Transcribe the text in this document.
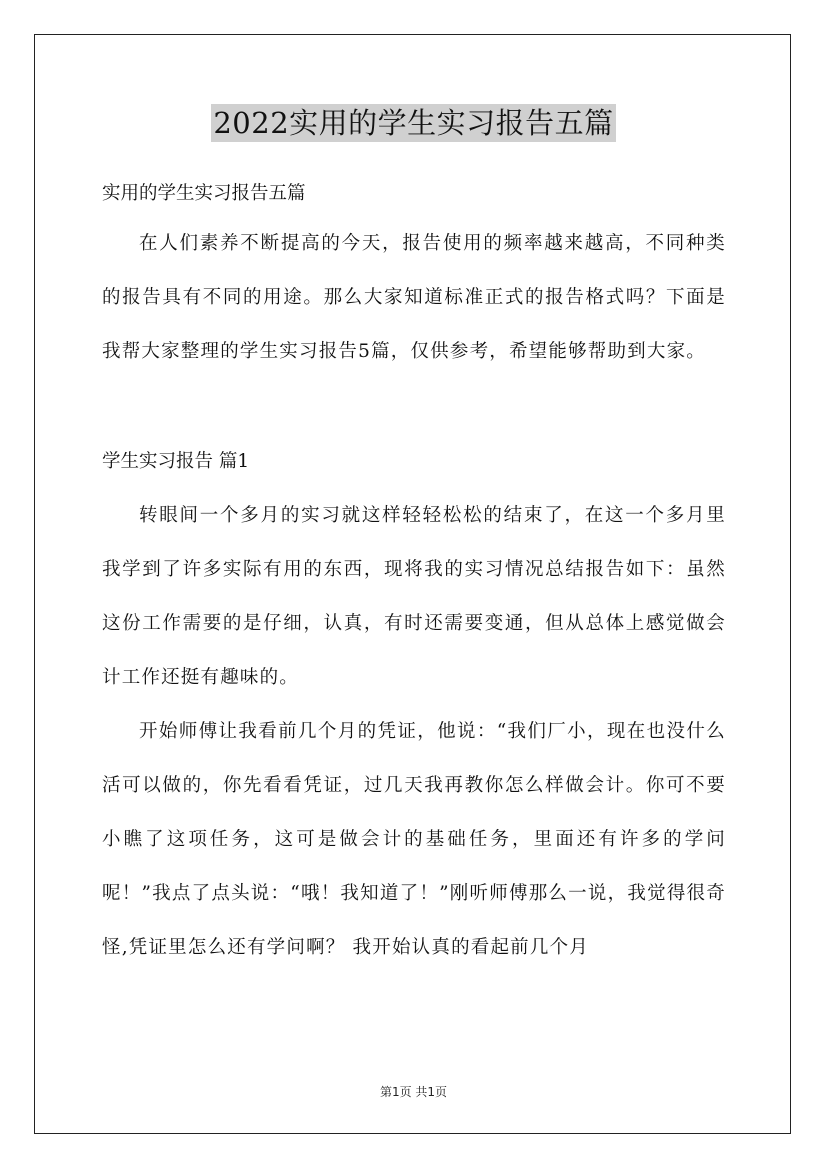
2022实用的学生实习报告五篇

实用的学生实习报告五篇

在人们素养不断提高的今天，报告使用的频率越来越高，不同种类的报告具有不同的用途。那么大家知道标准正式的报告格式吗？下面是我帮大家整理的学生实习报告5篇，仅供参考，希望能够帮助到大家。

学生实习报告 篇1

转眼间一个多月的实习就这样轻轻松松的结束了，在这一个多月里我学到了许多实际有用的东西，现将我的实习情况总结报告如下：虽然这份工作需要的是仔细，认真，有时还需要变通，但从总体上感觉做会计工作还挺有趣味的。

开始师傅让我看前几个月的凭证，他说：“我们厂小，现在也没什么活可以做的，你先看看凭证，过几天我再教你怎么样做会计。你可不要小瞧了这项任务，这可是做会计的基础任务，里面还有许多的学问呢！”我点了点头说：“哦！我知道了！”刚听师傅那么一说，我觉得很奇怪,凭证里怎么还有学问啊？ 我开始认真的看起前几个月

第1页 共1页
